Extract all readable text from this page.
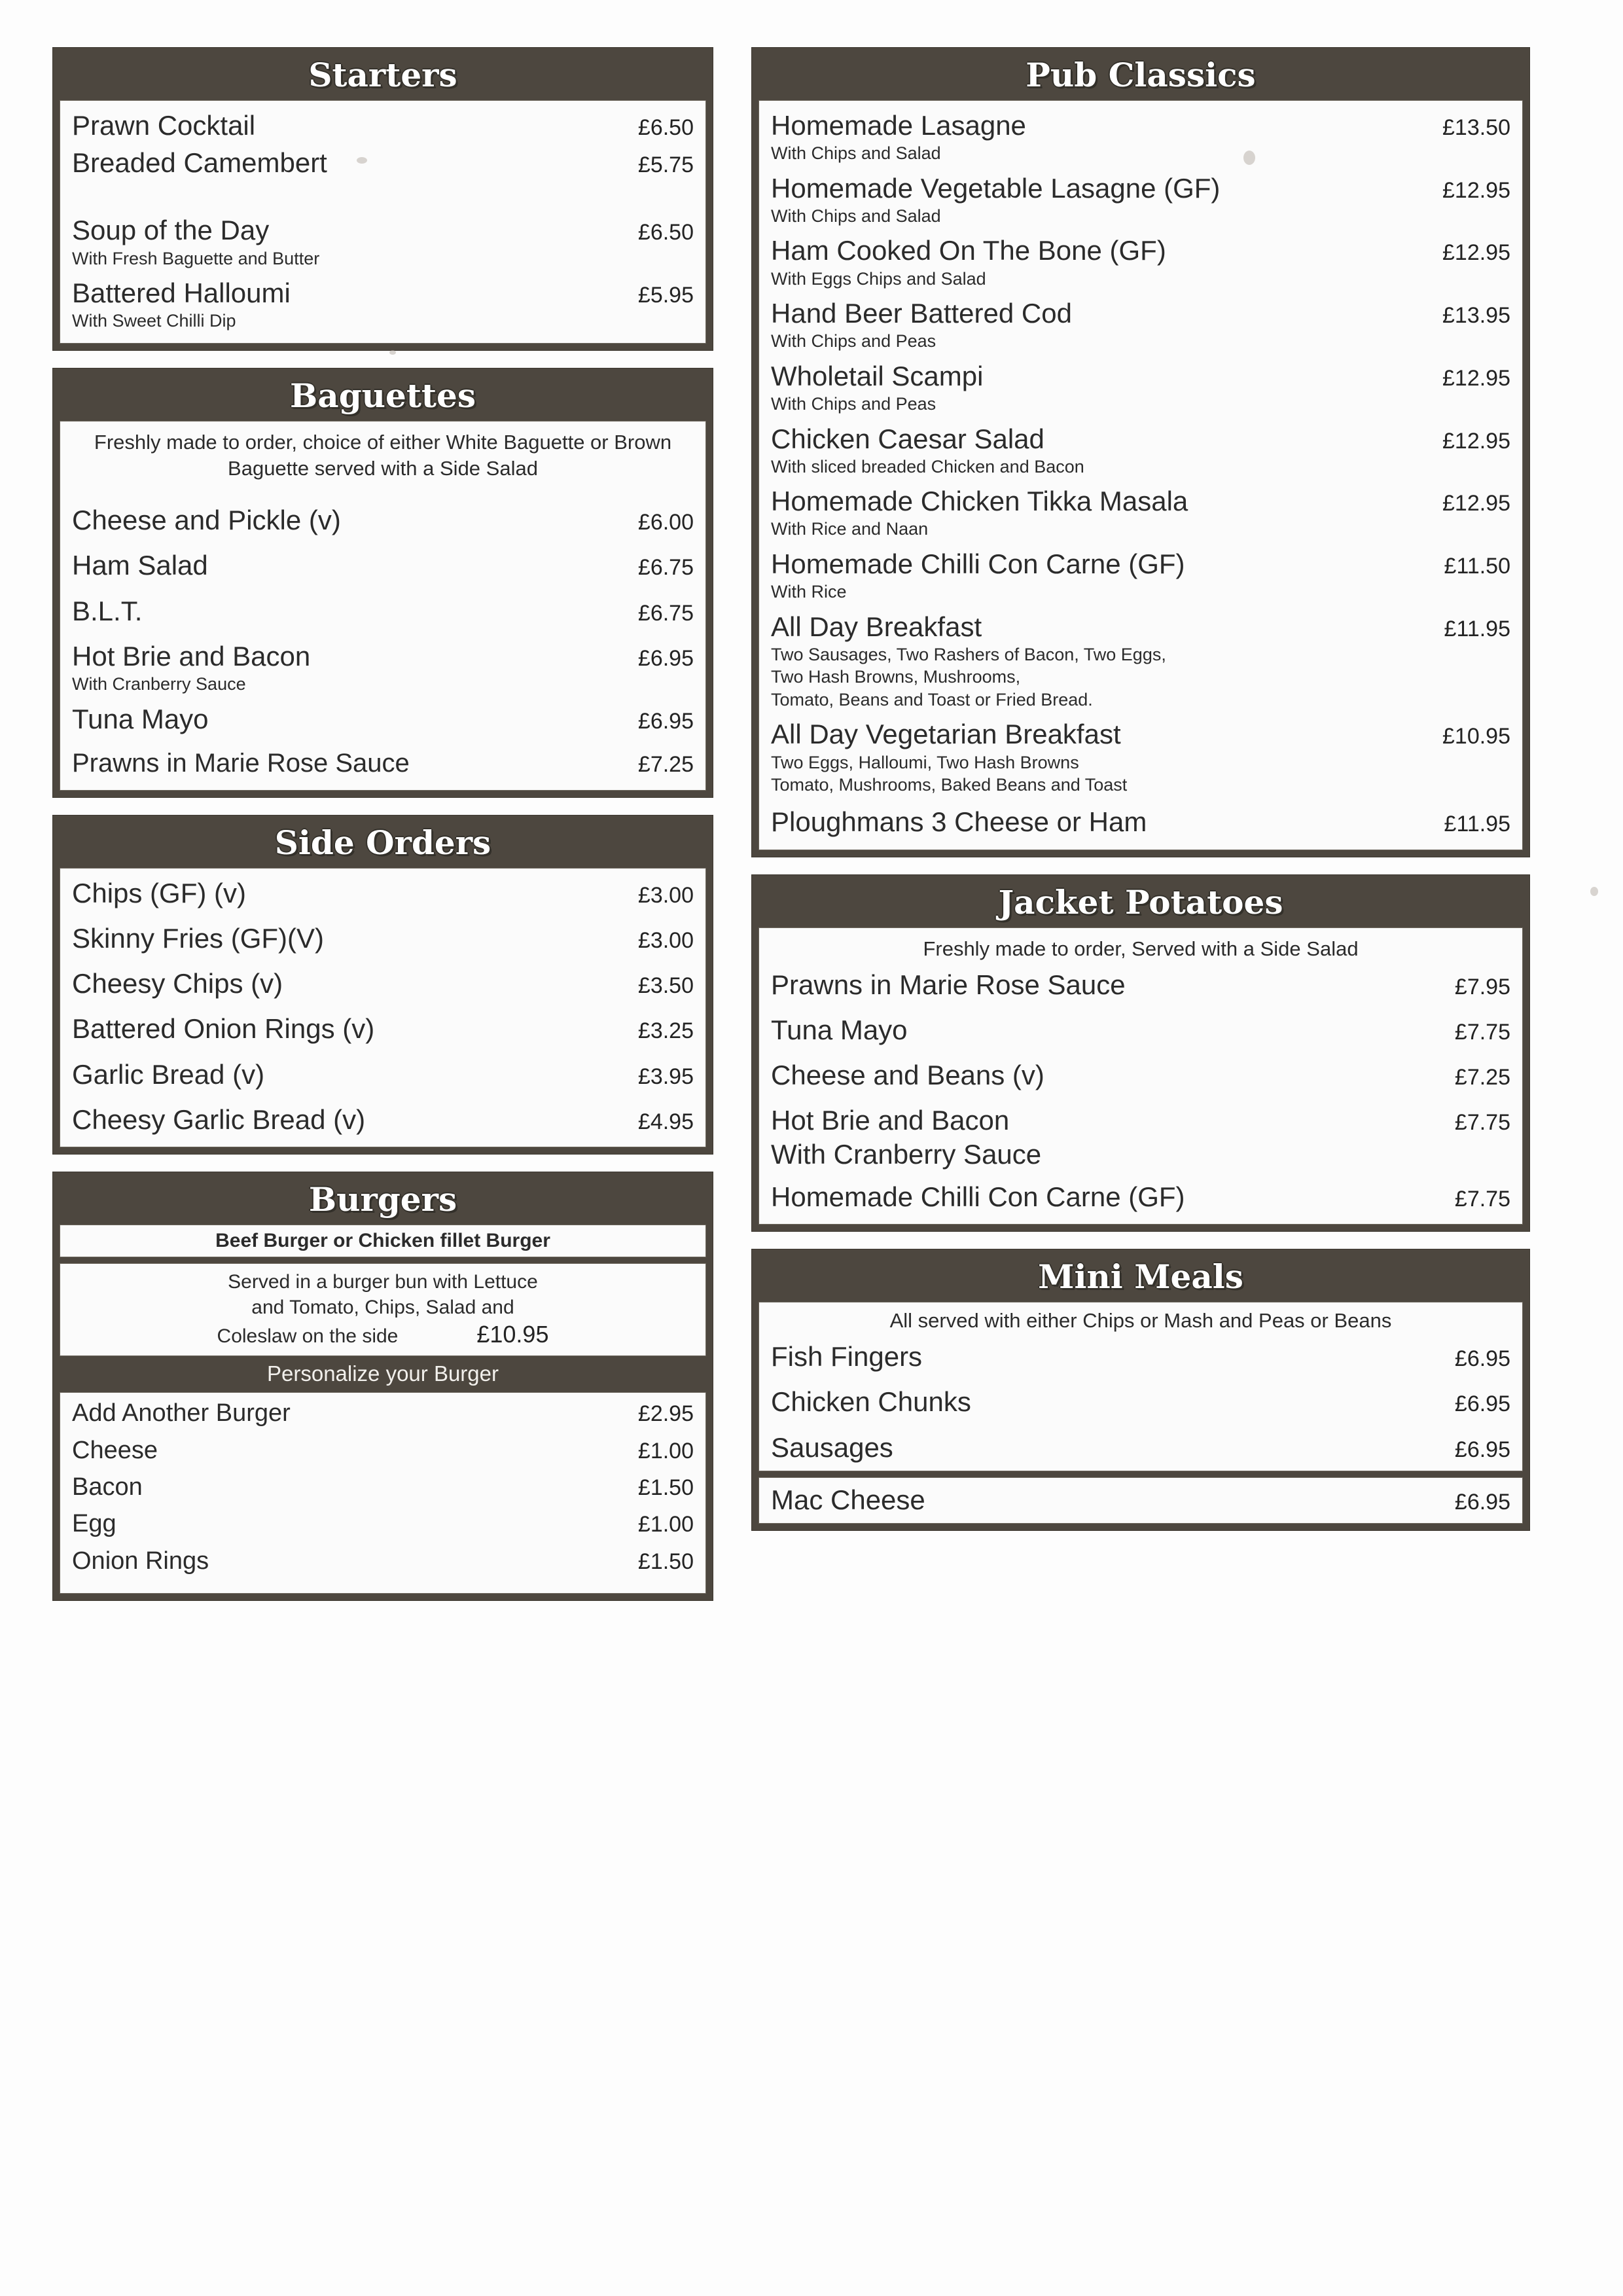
Starters
Prawn Cocktail	£6.50
Breaded Camembert	£5.75
Soup of the Day	£6.50
With Fresh Baguette and Butter
Battered Halloumi	£5.95
With Sweet Chilli Dip
Baguettes
Freshly made to order, choice of either White Baguette or Brown Baguette served with a Side Salad
Cheese and Pickle (v)	£6.00
Ham Salad	£6.75
B.L.T.	£6.75
Hot Brie and Bacon	£6.95
With Cranberry Sauce
Tuna Mayo	£6.95
Prawns in Marie Rose Sauce	£7.25
Side Orders
Chips (GF) (v)	£3.00
Skinny Fries (GF)(V)	£3.00
Cheesy Chips (v)	£3.50
Battered Onion Rings (v)	£3.25
Garlic Bread (v)	£3.95
Cheesy Garlic Bread (v)	£4.95
Burgers
Beef Burger or Chicken fillet Burger
Served in a burger bun with Lettuce
and Tomato, Chips, Salad and
Coleslaw on the side	£10.95
Personalize your Burger
Add Another Burger	£2.95
Cheese	£1.00
Bacon	£1.50
Egg	£1.00
Onion Rings	£1.50
Pub Classics
Homemade Lasagne	£13.50
With Chips and Salad
Homemade Vegetable Lasagne (GF)	£12.95
With Chips and Salad
Ham Cooked On The Bone (GF)	£12.95
With Eggs Chips and Salad
Hand Beer Battered Cod	£13.95
With Chips and Peas
Wholetail Scampi	£12.95
With Chips and Peas
Chicken Caesar Salad	£12.95
With sliced breaded Chicken and Bacon
Homemade Chicken Tikka Masala	£12.95
With Rice and Naan
Homemade Chilli Con Carne (GF)	£11.50
With Rice
All Day Breakfast	£11.95
Two Sausages, Two Rashers of Bacon, Two Eggs,
Two Hash Browns, Mushrooms,
Tomato, Beans and Toast or Fried Bread.
All Day Vegetarian Breakfast	£10.95
Two Eggs, Halloumi, Two Hash Browns
Tomato, Mushrooms, Baked Beans and Toast
Ploughmans 3 Cheese or Ham	£11.95
Jacket Potatoes
Freshly made to order, Served with a Side Salad
Prawns in Marie Rose Sauce	£7.95
Tuna Mayo	£7.75
Cheese and Beans (v)	£7.25
Hot Brie and Bacon	£7.75
With Cranberry Sauce
Homemade Chilli Con Carne (GF)	£7.75
Mini Meals
All served with either Chips or Mash and Peas or Beans
Fish Fingers	£6.95
Chicken Chunks	£6.95
Sausages	£6.95
Mac Cheese	£6.95
